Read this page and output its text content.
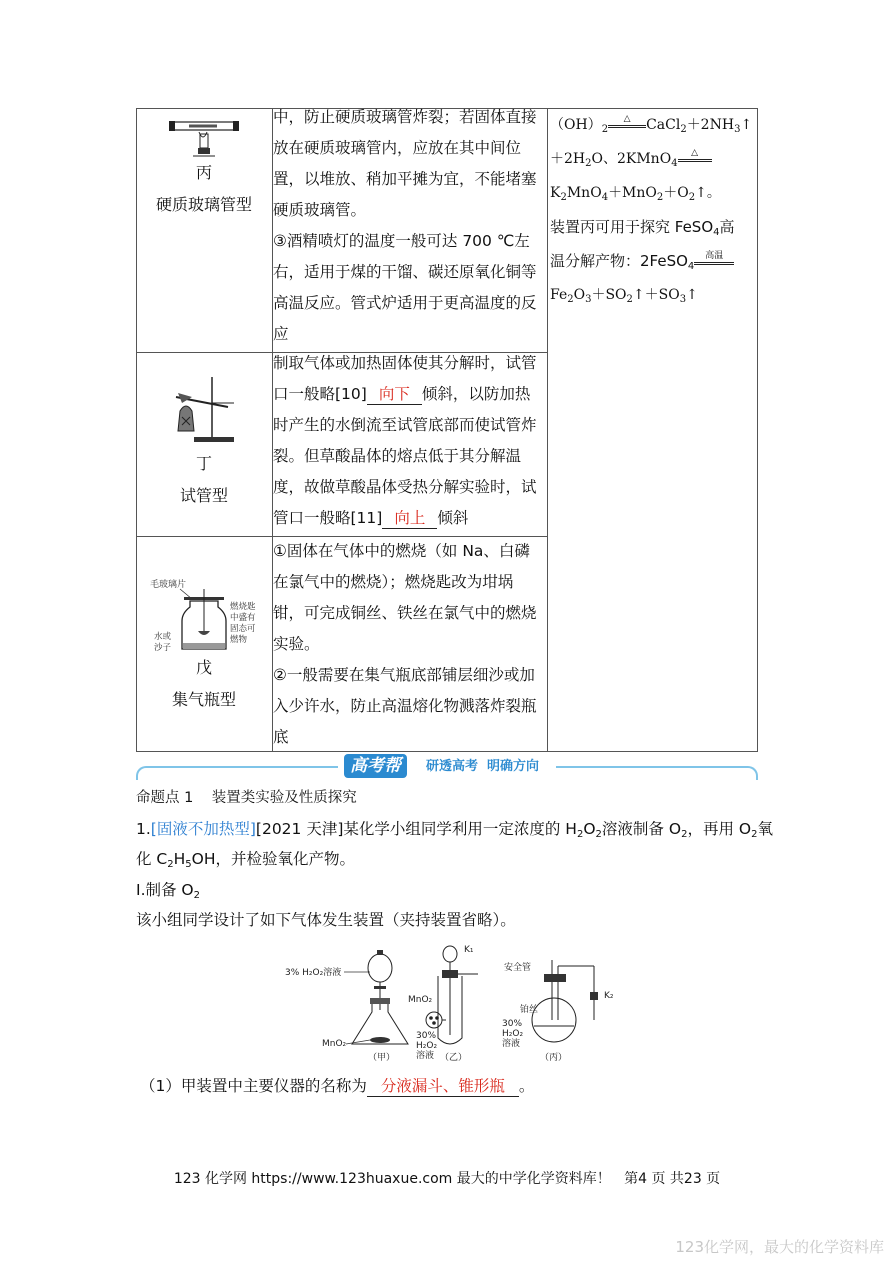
丙
硬质玻璃管型
中，防止硬质玻璃管炸裂；若固体直接
放在硬质玻璃管内，应放在其中间位
置，以堆放、稍加平摊为宜，不能堵塞
硬质玻璃管。
③酒精喷灯的温度一般可达 700 ℃左
右，适用于煤的干馏、碳还原氧化铜等
高温反应。管式炉适用于更高温度的反
应
$(OH)_2\triangle$ $CaCl_2+2NH_3↑$
$+2H_2O$、2KMnO$_4$△
$K_2MnO_4+MnO_2+O_2↑$。
装置丙可用于探究 FeSO$_4$高
温分解产物：2FeSO$_4$高温
$Fe_2O_3+SO_2↑+SO_3↑$
丁
试管型
制取气体或加热固体使其分解时，试管
口一般略[10] 向下 倾斜，以防加热
时产生的水倒流至试管底部而使试管炸
裂。但草酸晶体的熔点低于其分解温
度，故做草酸晶体受热分解实验时，试
管口一般略[11] 向上 倾斜
毛玻璃片
燃烧匙
中盛有
固态可
燃物
水或
沙子
戊
集气瓶型
①固体在气体中的燃烧（如 Na、白磷
在氯气中的燃烧）；燃烧匙改为坩埚
钳，可完成铜丝、铁丝在氯气中的燃烧
实验。
②一般需要在集气瓶底部铺层细沙或加
入少许水，防止高温熔化物溅落炸裂瓶
底
高考帮	研透高考  明确方向
命题点 1    装置类实验及性质探究
1.[固液不加热型][2021 天津]某化学小组同学利用一定浓度的 $H_2O_2$溶液制备 $O_2$，再用 $O_2$氧
化 $C_2H_5OH$，并检验氧化产物。
Ⅰ.制备 $O_2$
该小组同学设计了如下气体发生装置（夹持装置省略）。
3% H₂O₂溶液
MnO₂
（甲）
K₁
MnO₂
30%
H₂O₂
溶液 （乙）
安全管
K₂
铂丝
30%
H₂O₂
溶液
（丙）
（1）甲装置中主要仪器的名称为 分液漏斗、锥形瓶 。
123 化学网 https://www.123huaxue.com 最大的中学化学资料库！   第4 页 共23 页
123化学网，最大的化学资料库
